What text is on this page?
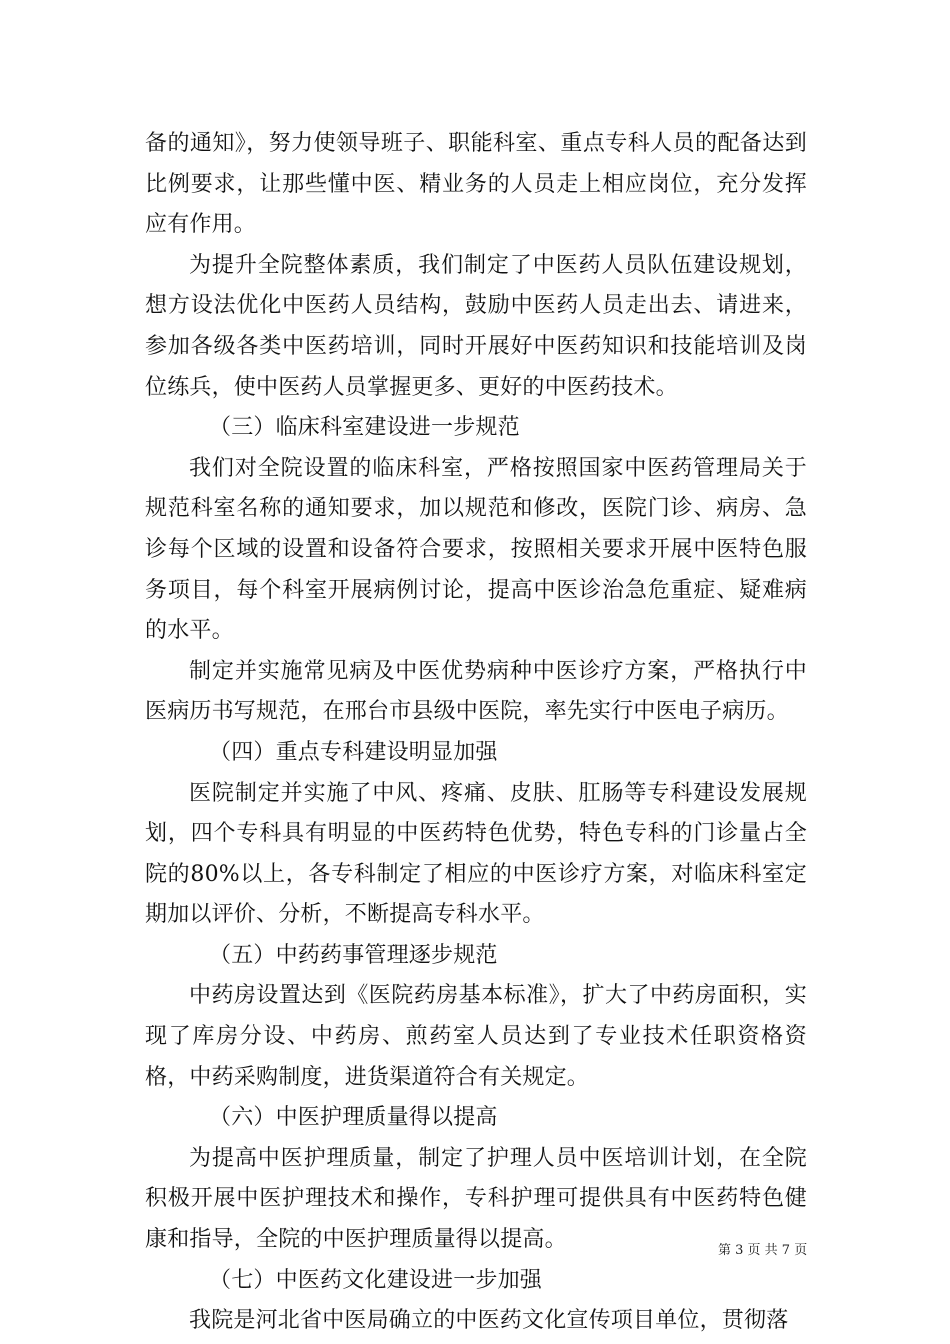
备的通知》，努力使领导班子、职能科室、重点专科人员的配备达到比例要求，让那些懂中医、精业务的人员走上相应岗位，充分发挥应有作用。

为提升全院整体素质，我们制定了中医药人员队伍建设规划，想方设法优化中医药人员结构，鼓励中医药人员走出去、请进来，参加各级各类中医药培训，同时开展好中医药知识和技能培训及岗位练兵，使中医药人员掌握更多、更好的中医药技术。

（三）临床科室建设进一步规范

我们对全院设置的临床科室，严格按照国家中医药管理局关于规范科室名称的通知要求，加以规范和修改，医院门诊、病房、急诊每个区域的设置和设备符合要求，按照相关要求开展中医特色服务项目，每个科室开展病例讨论，提高中医诊治急危重症、疑难病的水平。

制定并实施常见病及中医优势病种中医诊疗方案，严格执行中医病历书写规范，在邢台市县级中医院，率先实行中医电子病历。

（四）重点专科建设明显加强

医院制定并实施了中风、疼痛、皮肤、肛肠等专科建设发展规划，四个专科具有明显的中医药特色优势，特色专科的门诊量占全院的80%以上，各专科制定了相应的中医诊疗方案，对临床科室定期加以评价、分析，不断提高专科水平。

（五）中药药事管理逐步规范

中药房设置达到《医院药房基本标准》，扩大了中药房面积，实现了库房分设、中药房、煎药室人员达到了专业技术任职资格资格，中药采购制度，进货渠道符合有关规定。

（六）中医护理质量得以提高

为提高中医护理质量，制定了护理人员中医培训计划，在全院积极开展中医护理技术和操作，专科护理可提供具有中医药特色健康和指导，全院的中医护理质量得以提高。

（七）中医药文化建设进一步加强

我院是河北省中医局确立的中医药文化宣传项目单位，贯彻落

第 3 页 共 7 页
